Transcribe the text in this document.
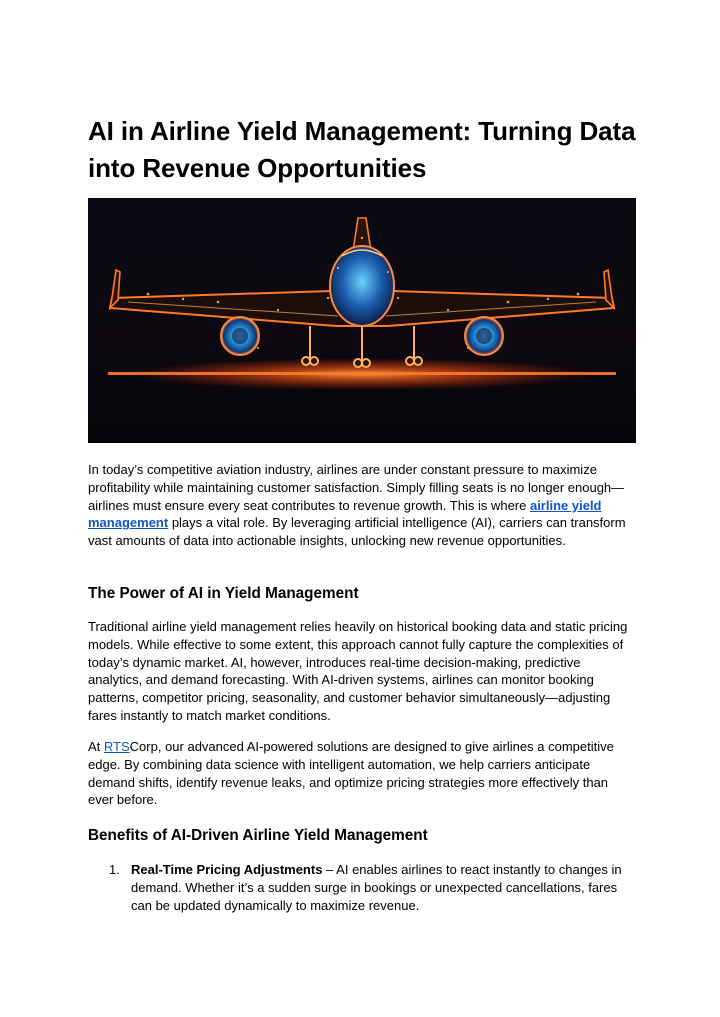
AI in Airline Yield Management: Turning Data into Revenue Opportunities

In today’s competitive aviation industry, airlines are under constant pressure to maximize profitability while maintaining customer satisfaction. Simply filling seats is no longer enough—airlines must ensure every seat contributes to revenue growth. This is where airline yield management plays a vital role. By leveraging artificial intelligence (AI), carriers can transform vast amounts of data into actionable insights, unlocking new revenue opportunities.

The Power of AI in Yield Management

Traditional airline yield management relies heavily on historical booking data and static pricing models. While effective to some extent, this approach cannot fully capture the complexities of today’s dynamic market. AI, however, introduces real-time decision-making, predictive analytics, and demand forecasting. With AI-driven systems, airlines can monitor booking patterns, competitor pricing, seasonality, and customer behavior simultaneously—adjusting fares instantly to match market conditions.

At RTSCorp, our advanced AI-powered solutions are designed to give airlines a competitive edge. By combining data science with intelligent automation, we help carriers anticipate demand shifts, identify revenue leaks, and optimize pricing strategies more effectively than ever before.

Benefits of AI-Driven Airline Yield Management
1. Real-Time Pricing Adjustments – AI enables airlines to react instantly to changes in demand. Whether it’s a sudden surge in bookings or unexpected cancellations, fares can be updated dynamically to maximize revenue.
